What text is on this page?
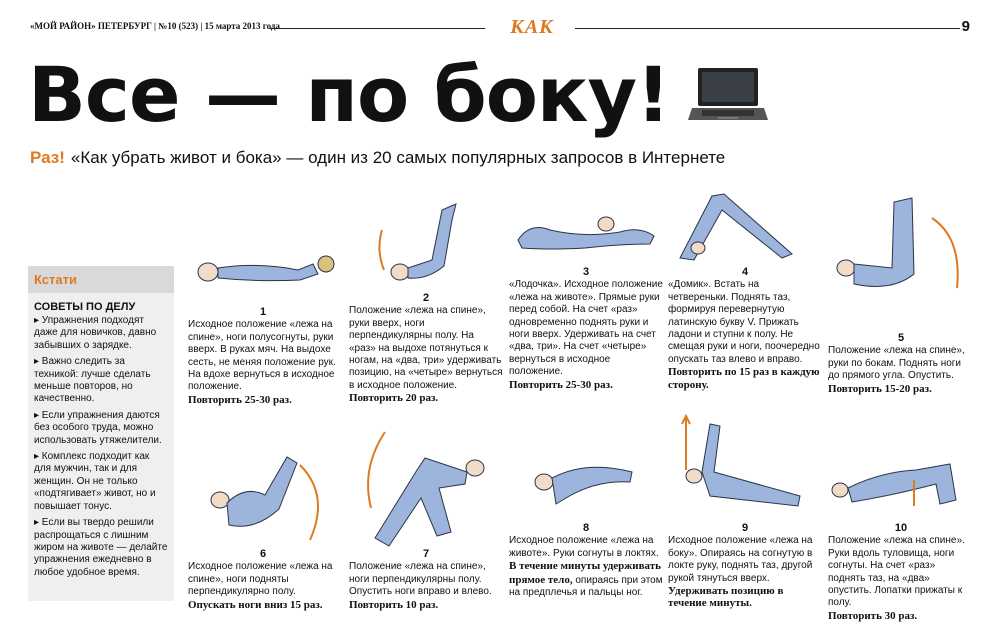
«МОЙ РАЙОН» ПЕТЕРБУРГ | №10 (523) | 15 марта 2013 года	КАК	9
Все — по боку!
Раз! «Как убрать живот и бока» — один из 20 самых популярных запросов в Интернете
Кстати
СОВЕТЫ ПО ДЕЛУ

▸ Упражнения подходят даже для новичков, давно забывших о зарядке.

▸ Важно следить за техникой: лучше сделать меньше повторов, но качественно.

▸ Если упражнения даются без особого труда, можно использовать утяжелители.

▸ Комплекс подходит как для мужчин, так и для женщин. Он не только «подтягивает» живот, но и повышает тонус.

▸ Если вы твердо решили распрощаться с лишним жиром на животе — делайте упражнения ежедневно в любое удобное время.

1
Исходное положение «лежа на спине», ноги полусогнуты, руки вверх. В руках мяч. На выдохе сесть, не меняя положение рук. На вдохе вернуться в исходное положение.
Повторить 25-30 раз.
2
Положение «лежа на спине», руки вверх, ноги перпендикулярны полу. На «раз» на выдохе потянуться к ногам, на «два, три» удерживать позицию, на «четыре» вернуться в исходное положение.
Повторить 20 раз.
3
«Лодочка». Исходное положение «лежа на животе». Прямые руки перед собой. На счет «раз» одновременно поднять руки и ноги вверх. Удерживать на счет «два, три». На счет «четыре» вернуться в исходное положение.
Повторить 25-30 раз.
4
«Домик». Встать на четвереньки. Поднять таз, формируя перевернутую латинскую букву V. Прижать ладони и ступни к полу. Не смещая руки и ноги, поочередно опускать таз влево и вправо.
Повторить по 15 раз в каждую сторону.
5
Положение «лежа на спине», руки по бокам. Поднять ноги до прямого угла. Опустить.
Повторить 15-20 раз.
6
Исходное положение «лежа на спине», ноги подняты перпендикулярно полу.
Опускать ноги вниз 15 раз.
7
Положение «лежа на спине», ноги перпендикулярны полу. Опустить ноги вправо и влево.
Повторить 10 раз.
8
Исходное положение «лежа на животе». Руки согнуты в локтях. В течение минуты удерживать прямое тело, опираясь при этом на предплечья и пальцы ног.
9
Исходное положение «лежа на боку». Опираясь на согнутую в локте руку, поднять таз, другой рукой тянуться вверх.
Удерживать позицию в течение минуты.
10
Положение «лежа на спине». Руки вдоль туловища, ноги согнуты. На счет «раз» поднять таз, на «два» опустить. Лопатки прижаты к полу.
Повторить 30 раз.
